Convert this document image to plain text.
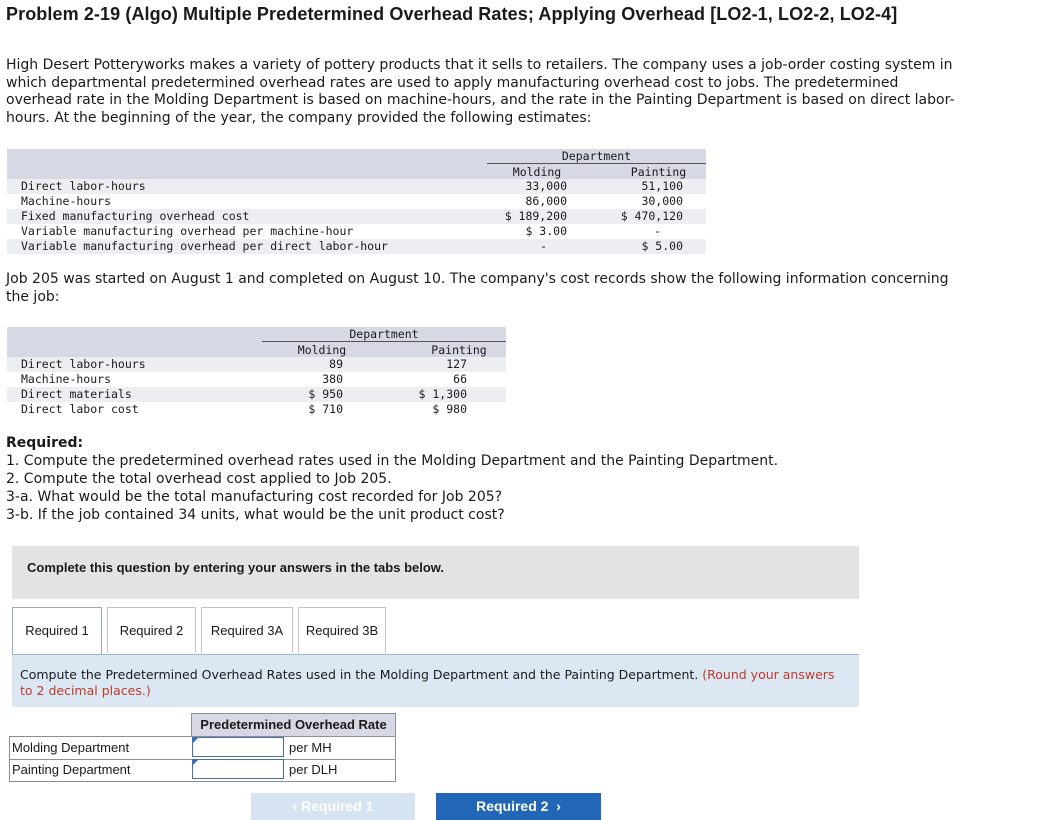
Problem 2-19 (Algo) Multiple Predetermined Overhead Rates; Applying Overhead [LO2-1, LO2-2, LO2-4]
High Desert Potteryworks makes a variety of pottery products that it sells to retailers. The company uses a job-order costing system in which departmental predetermined overhead rates are used to apply manufacturing overhead cost to jobs. The predetermined overhead rate in the Molding Department is based on machine-hours, and the rate in the Painting Department is based on direct labor-hours. At the beginning of the year, the company provided the following estimates:
Department
Molding	Painting
Direct labor-hours	33,000	51,100
Machine-hours	86,000	30,000
Fixed manufacturing overhead cost	$ 189,200	$ 470,120
Variable manufacturing overhead per machine-hour	$ 3.00	-
Variable manufacturing overhead per direct labor-hour	-	$ 5.00
Job 205 was started on August 1 and completed on August 10. The company's cost records show the following information concerning the job:
Department
Molding	Painting
Direct labor-hours	89	127
Machine-hours	380	66
Direct materials	$ 950	$ 1,300
Direct labor cost	$ 710	$ 980
Required:
1. Compute the predetermined overhead rates used in the Molding Department and the Painting Department.
2. Compute the total overhead cost applied to Job 205.
3-a. What would be the total manufacturing cost recorded for Job 205?
3-b. If the job contained 34 units, what would be the unit product cost?
Complete this question by entering your answers in the tabs below.
Required 1	Required 2	Required 3A	Required 3B
Compute the Predetermined Overhead Rates used in the Molding Department and the Painting Department. (Round your answers to 2 decimal places.)
Predetermined Overhead Rate
Molding Department	per MH
Painting Department	per DLH
‹ Required 1	Required 2  ›
